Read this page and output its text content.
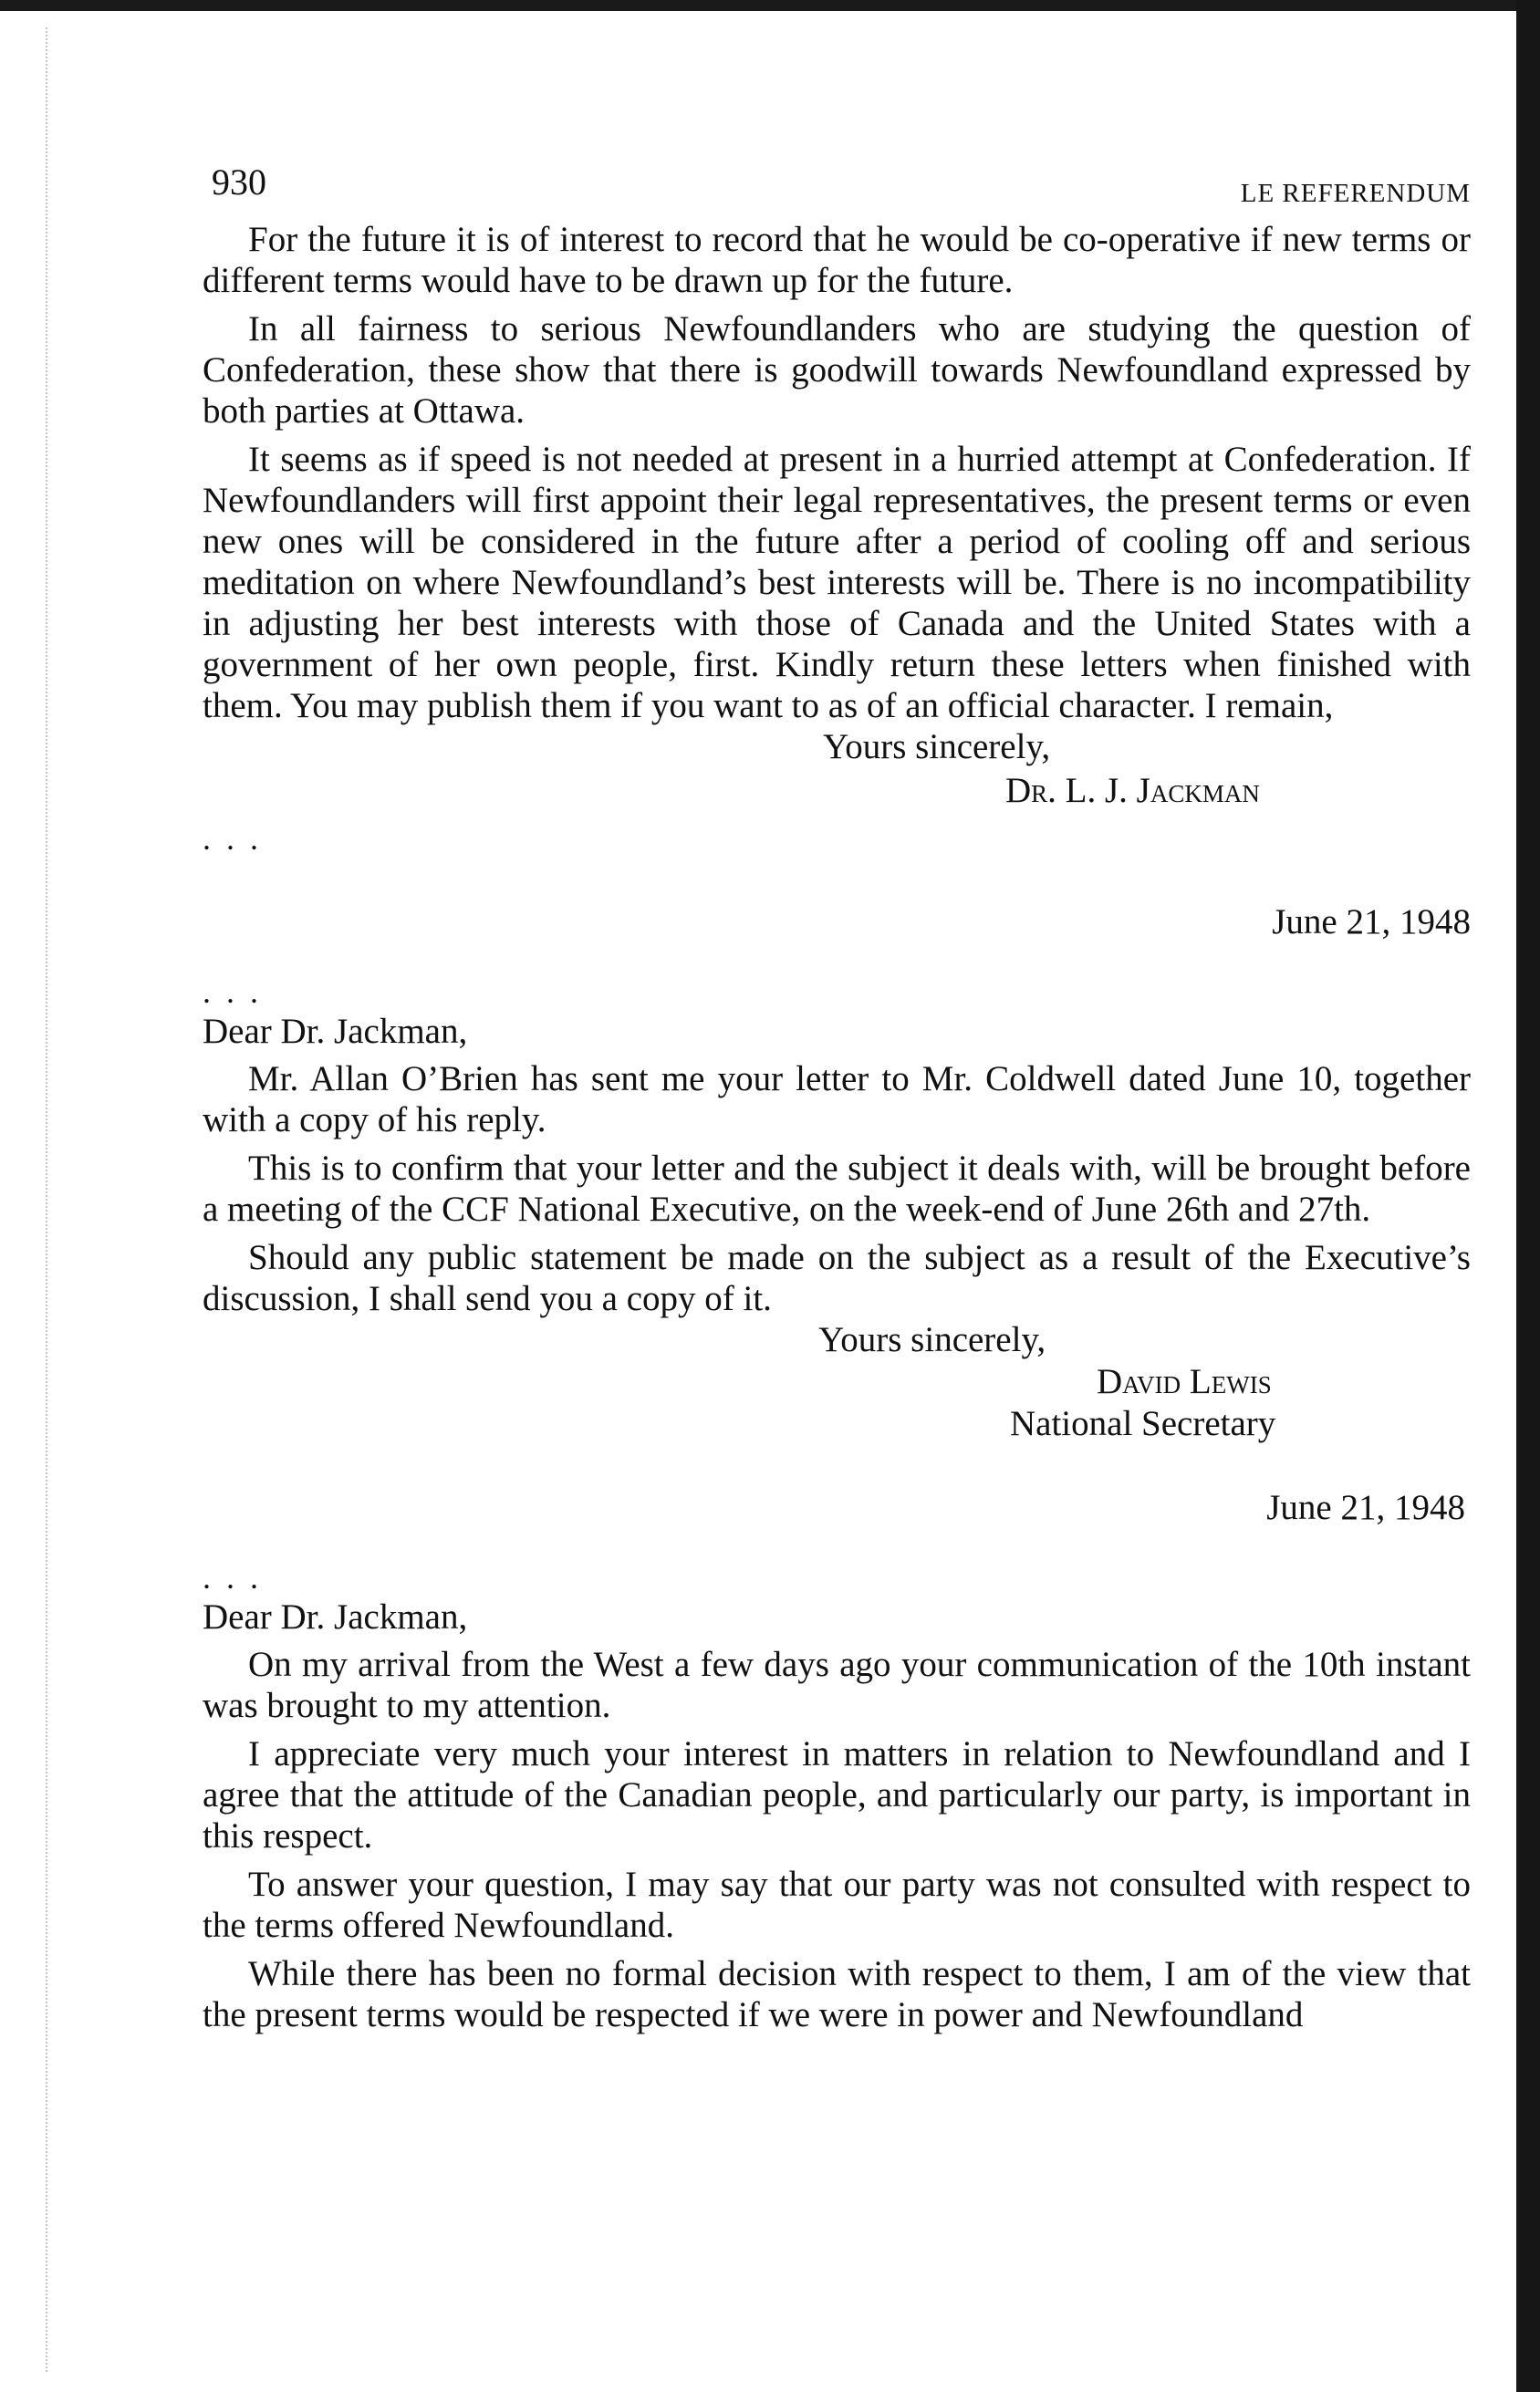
930	LE REFERENDUM

For the future it is of interest to record that he would be co-operative if new terms or different terms would have to be drawn up for the future.

In all fairness to serious Newfoundlanders who are studying the question of Confederation, these show that there is goodwill towards Newfoundland expressed by both parties at Ottawa.

It seems as if speed is not needed at present in a hurried attempt at Confederation. If Newfoundlanders will first appoint their legal representatives, the present terms or even new ones will be considered in the future after a period of cooling off and serious meditation on where Newfoundland’s best interests will be. There is no incompatibility in adjusting her best interests with those of Canada and the United States with a government of her own people, first. Kindly return these letters when finished with them. You may publish them if you want to as of an official character. I remain,

Yours sincerely,
Dr. L. J. Jackman
. . .
June 21, 1948
. . .
Dear Dr. Jackman,

Mr. Allan O’Brien has sent me your letter to Mr. Coldwell dated June 10, together with a copy of his reply.

This is to confirm that your letter and the subject it deals with, will be brought before a meeting of the CCF National Executive, on the week-end of June 26th and 27th.

Should any public statement be made on the subject as a result of the Executive’s discussion, I shall send you a copy of it.

Yours sincerely,
David Lewis
National Secretary
June 21, 1948
. . .
Dear Dr. Jackman,

On my arrival from the West a few days ago your communication of the 10th instant was brought to my attention.

I appreciate very much your interest in matters in relation to Newfoundland and I agree that the attitude of the Canadian people, and particularly our party, is important in this respect.

To answer your question, I may say that our party was not consulted with respect to the terms offered Newfoundland.

While there has been no formal decision with respect to them, I am of the view that the present terms would be respected if we were in power and Newfoundland
